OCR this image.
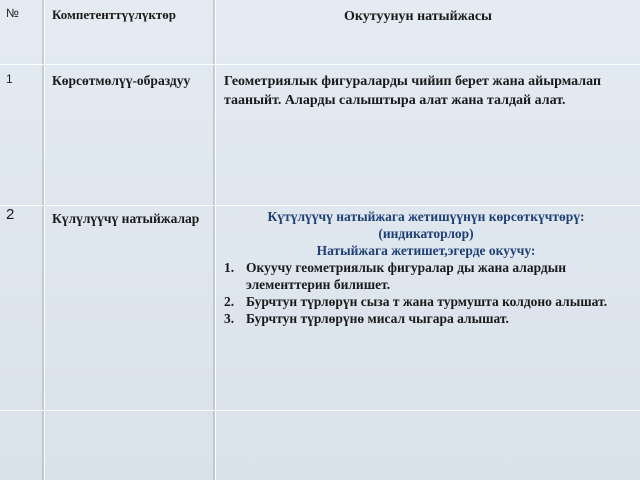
№	Компетенттүүлүктөр	Окутуунун натыйжасы
1	Көрсөтмөлүү-образдуу	Геометриялык фигураларды чийип берет жана айырмалап тааныйт. Аларды салыштыра алат жана талдай алат.
2	Күлүлүүчү натыйжалар	Күтүлүүчү натыйжага жетишүүнүн көрсөткүчтөрү: (индикаторлор)
Натыйжага жетишет,эгерде окуучу:
1. Окуучу геометриялык фигуралар ды жана алардын элементтерин билишет.
2. Бурчтун түрлөрүн сыза т жана турмушта колдоно алышат.
3. Бурчтун түрлөрүнө мисал чыгара алышат.
